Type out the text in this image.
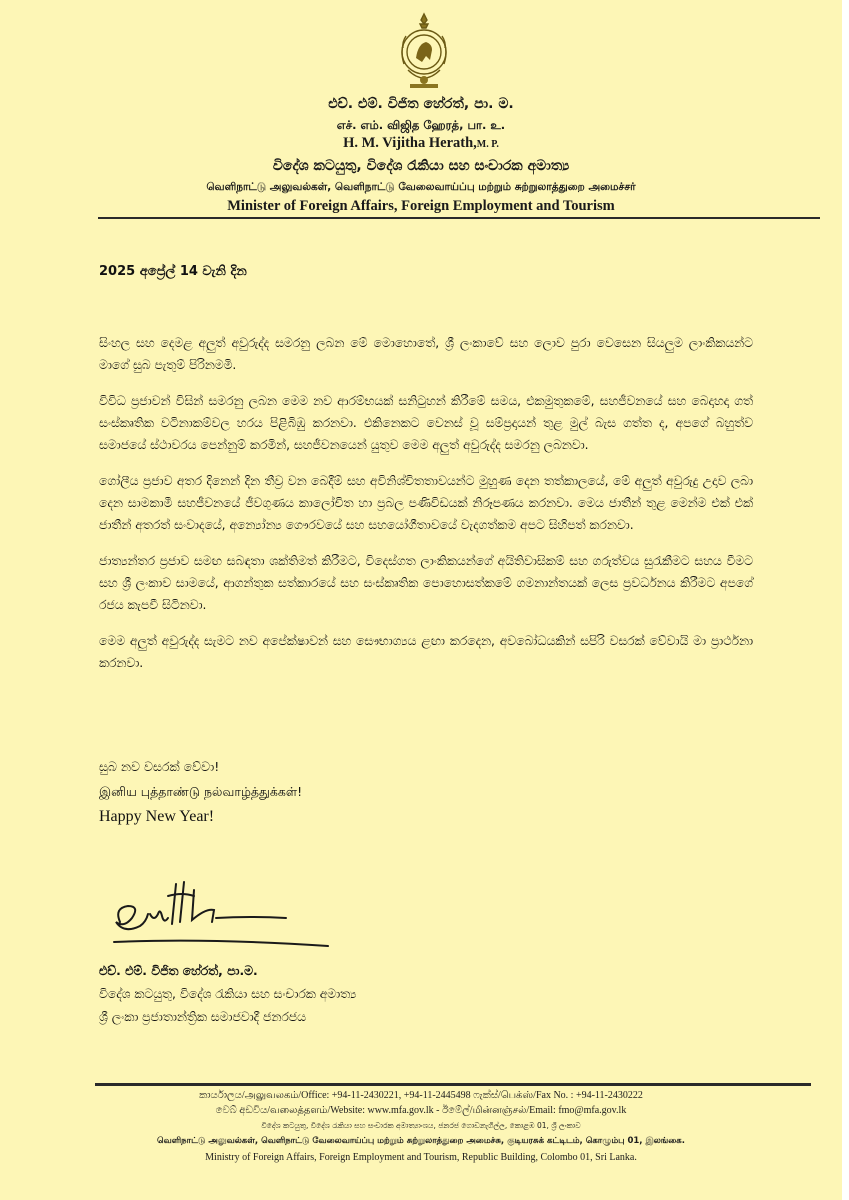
එච්. එම්. විජිත හේරත්, පා. ම.
எச். எம். விஜித ஹேரத், பா. உ.
H. M. Vijitha Herath,M. P.
විදේශ කටයුතු, විදේශ රැකියා සහ සංචාරක අමාත්‍ය
வெளிநாட்டு அலுவல்கள், வெளிநாட்டு வேலைவாய்ப்பு மற்றும் சுற்றுலாத்துறை அமைச்சர்
Minister of Foreign Affairs, Foreign Employment and Tourism
2025 අප්‍රේල් 14 වැනි දින

සිංහල සහ දෙමළ අලුත් අවුරුද්ද සමරනු ලබන මේ මොහොතේ, ශ්‍රී ලංකාවේ සහ ලොව පුරා වෙසෙන සියලුම ලාංකිකයන්ට මාගේ සුබ පැතුම් පිරිනමමි.

විවිධ ප්‍රජාවන් විසින් සමරනු ලබන මෙම නව ආරම්භයක් සනිටුහන් කිරීමේ සමය, එකමුතුකමේ, සහජීවනයේ සහ බෙදාහදා ගත් සංස්කෘතික වටිනාකම්වල හරය පිළිබිඹු කරනවා. එකිනෙකට වෙනස් වූ සම්ප්‍රදායන් තුළ මුල් බැස ගත්ත ද, අපගේ බහුත්ව සමාජයේ ස්ථාවරය පෙන්නුම් කරමින්, සහජීවනයෙන් යුතුව මෙම අලුත් අවුරුද්ද සමරනු ලබනවා.

ගෝලීය ප්‍රජාව අතර දිනෙන් දින තීව්‍ර වන බෙදීම් සහ අවිනිශ්චිතතාවයන්ට මුහුණ දෙන තත්කාලයේ, මේ අලුත් අවුරුදු උදාව ලබා දෙන සාමකාමී සහජීවනයේ ජීවගුණය කාලෝචිත හා ප්‍රබල පණිවිඩයක් නිරූපණය කරනවා. මෙය ජාතීන් තුළ මෙන්ම එක් එක් ජාතීන් අතරත් සංවාදයේ, අන්‍යෝන්‍ය ගෞරවයේ සහ සහයෝගීතාවයේ වැදගත්කම අපට සිහිපත් කරනවා.

ජාත්‍යන්තර ප්‍රජාව සමඟ සබඳතා ශක්තිමත් කිරීමට, විදෙස්ගත ලාංකිකයන්ගේ අයිතිවාසිකම් සහ ගරුත්වය සුරැකීමට සහය වීමට සහ ශ්‍රී ලංකාව සාමයේ, ආගන්තුක සත්කාරයේ සහ සංස්කෘතික පොහොසත්කමේ ගමනාන්තයක් ලෙස ප්‍රවර්ධනය කිරීමට අපගේ රජය කැපවී සිටිනවා.

මෙම අලුත් අවුරුද්ද සැමට නව අපේක්ෂාවන් සහ සෞභාග්‍යය ළඟා කරදෙන, අවබෝධයකින් සපිරි වසරක් වේවායි මා ප්‍රාර්ථනා කරනවා.

සුබ නව වසරක් වේවා!
இனிய புத்தாண்டு நல்வாழ்த்துக்கள்!
Happy New Year!
එච්. එම්. විජිත හේරත්, පා.ම.
විදේශ කටයුතු, විදේශ රැකියා සහ සංචාරක අමාත්‍ය
ශ්‍රී ලංකා ප්‍රජාතාන්ත්‍රික සමාජවාදී ජනරජය
කාර්යාලය/அலுவலகம்/Office: +94-11-2430221, +94-11-2445498 ෆැක්ස්/பெக்ஸ்/Fax No. : +94-11-2430222
වෙබ් අඩවිය/வலைத்தளம்/Website: www.mfa.gov.lk - ඊමේල්/மின்னஞ்சல்/Email: fmo@mfa.gov.lk
විදේශ කටයුතු, විදේශ රැකියා සහ සංචාරක අමාත්‍යාංශය, ජනරජ ගොඩනැගිල්ල, කොළඹ 01, ශ්‍රී ලංකාව
வெளிநாட்டு அலுவல்கள், வெளிநாட்டு வேலைவாய்ப்பு மற்றும் சுற்றுலாத்துறை அமைச்சு, குடியரசுக் கட்டிடம், கொழும்பு 01, இலங்கை.
Ministry of Foreign Affairs, Foreign Employment and Tourism, Republic Building, Colombo 01, Sri Lanka.
